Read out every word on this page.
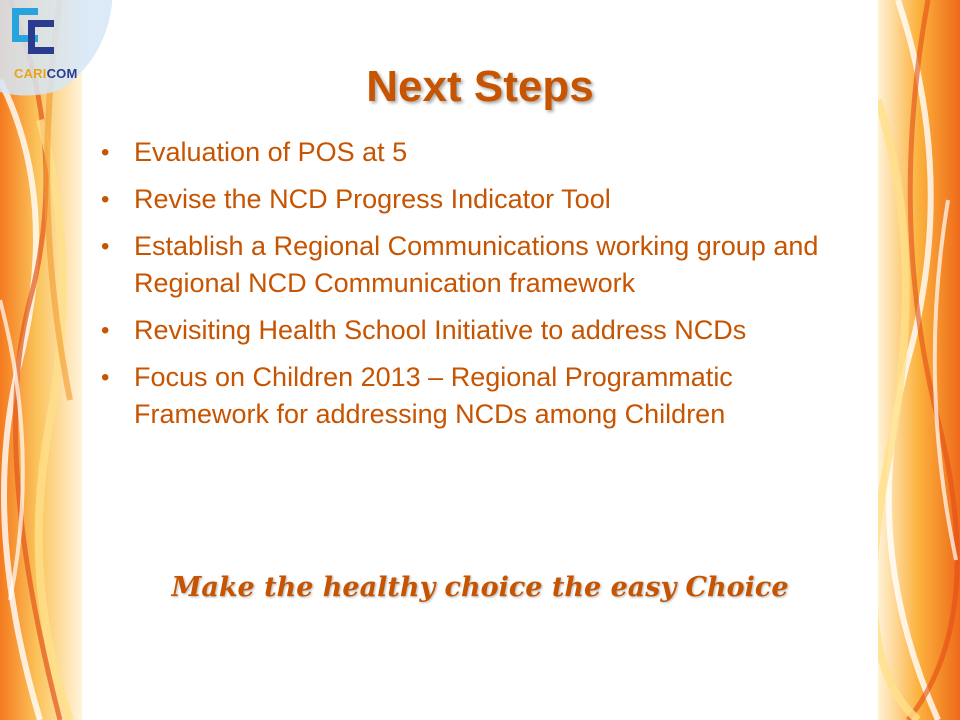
CARICOM	Next Steps
• Evaluation of POS at 5
• Revise the NCD Progress Indicator Tool
• Establish a Regional Communications working group and Regional NCD Communication framework
• Revisiting Health School Initiative to address NCDs
• Focus on Children 2013 – Regional Programmatic Framework for addressing NCDs among Children
Make the healthy choice the easy Choice
